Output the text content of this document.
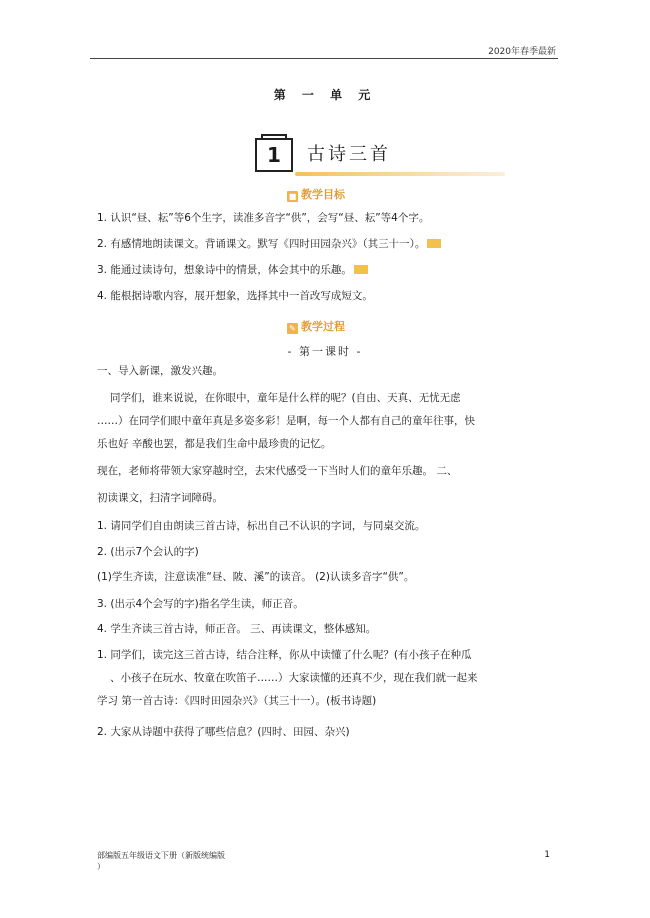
2020年春季最新
第 一 单 元
1	古诗三首
■ 教学目标
1. 认识“昼、耘”等6个生字，读准多音字“供”，会写“昼、耘”等4个字。
2. 有感情地朗读课文。背诵课文。默写《四时田园杂兴》（其三十一）。
3. 能通过读诗句，想象诗中的情景，体会其中的乐趣。
4. 能根据诗歌内容，展开想象，选择其中一首改写成短文。
✎ 教学过程
- 第一课时 -
一、导入新课，激发兴趣。
同学们，谁来说说，在你眼中，童年是什么样的呢？(自由、天真、无忧无虑
……）在同学们眼中童年真是多姿多彩！是啊，每一个人都有自己的童年往事，快
乐也好 辛酸也罢，都是我们生命中最珍贵的记忆。
现在，老师将带领大家穿越时空，去宋代感受一下当时人们的童年乐趣。 二、
初读课文，扫清字词障碍。
1. 请同学们自由朗读三首古诗，标出自己不认识的字词，与同桌交流。
2. (出示7个会认的字)
(1)学生齐读，注意读准“昼、陂、溪”的读音。 (2)认读多音字“供”。
3. (出示4个会写的字)指名学生读，师正音。
4. 学生齐读三首古诗，师正音。 三、再读课文，整体感知。
1. 同学们，读完这三首古诗，结合注释，你从中读懂了什么呢？(有小孩子在种瓜
、小孩子在玩水、牧童在吹笛子……）大家读懂的还真不少，现在我们就一起来
学习 第一首古诗：《四时田园杂兴》（其三十一）。(板书诗题)
2. 大家从诗题中获得了哪些信息？(四时、田园、杂兴)
部编版五年级语文下册（新版统编版
）
1
